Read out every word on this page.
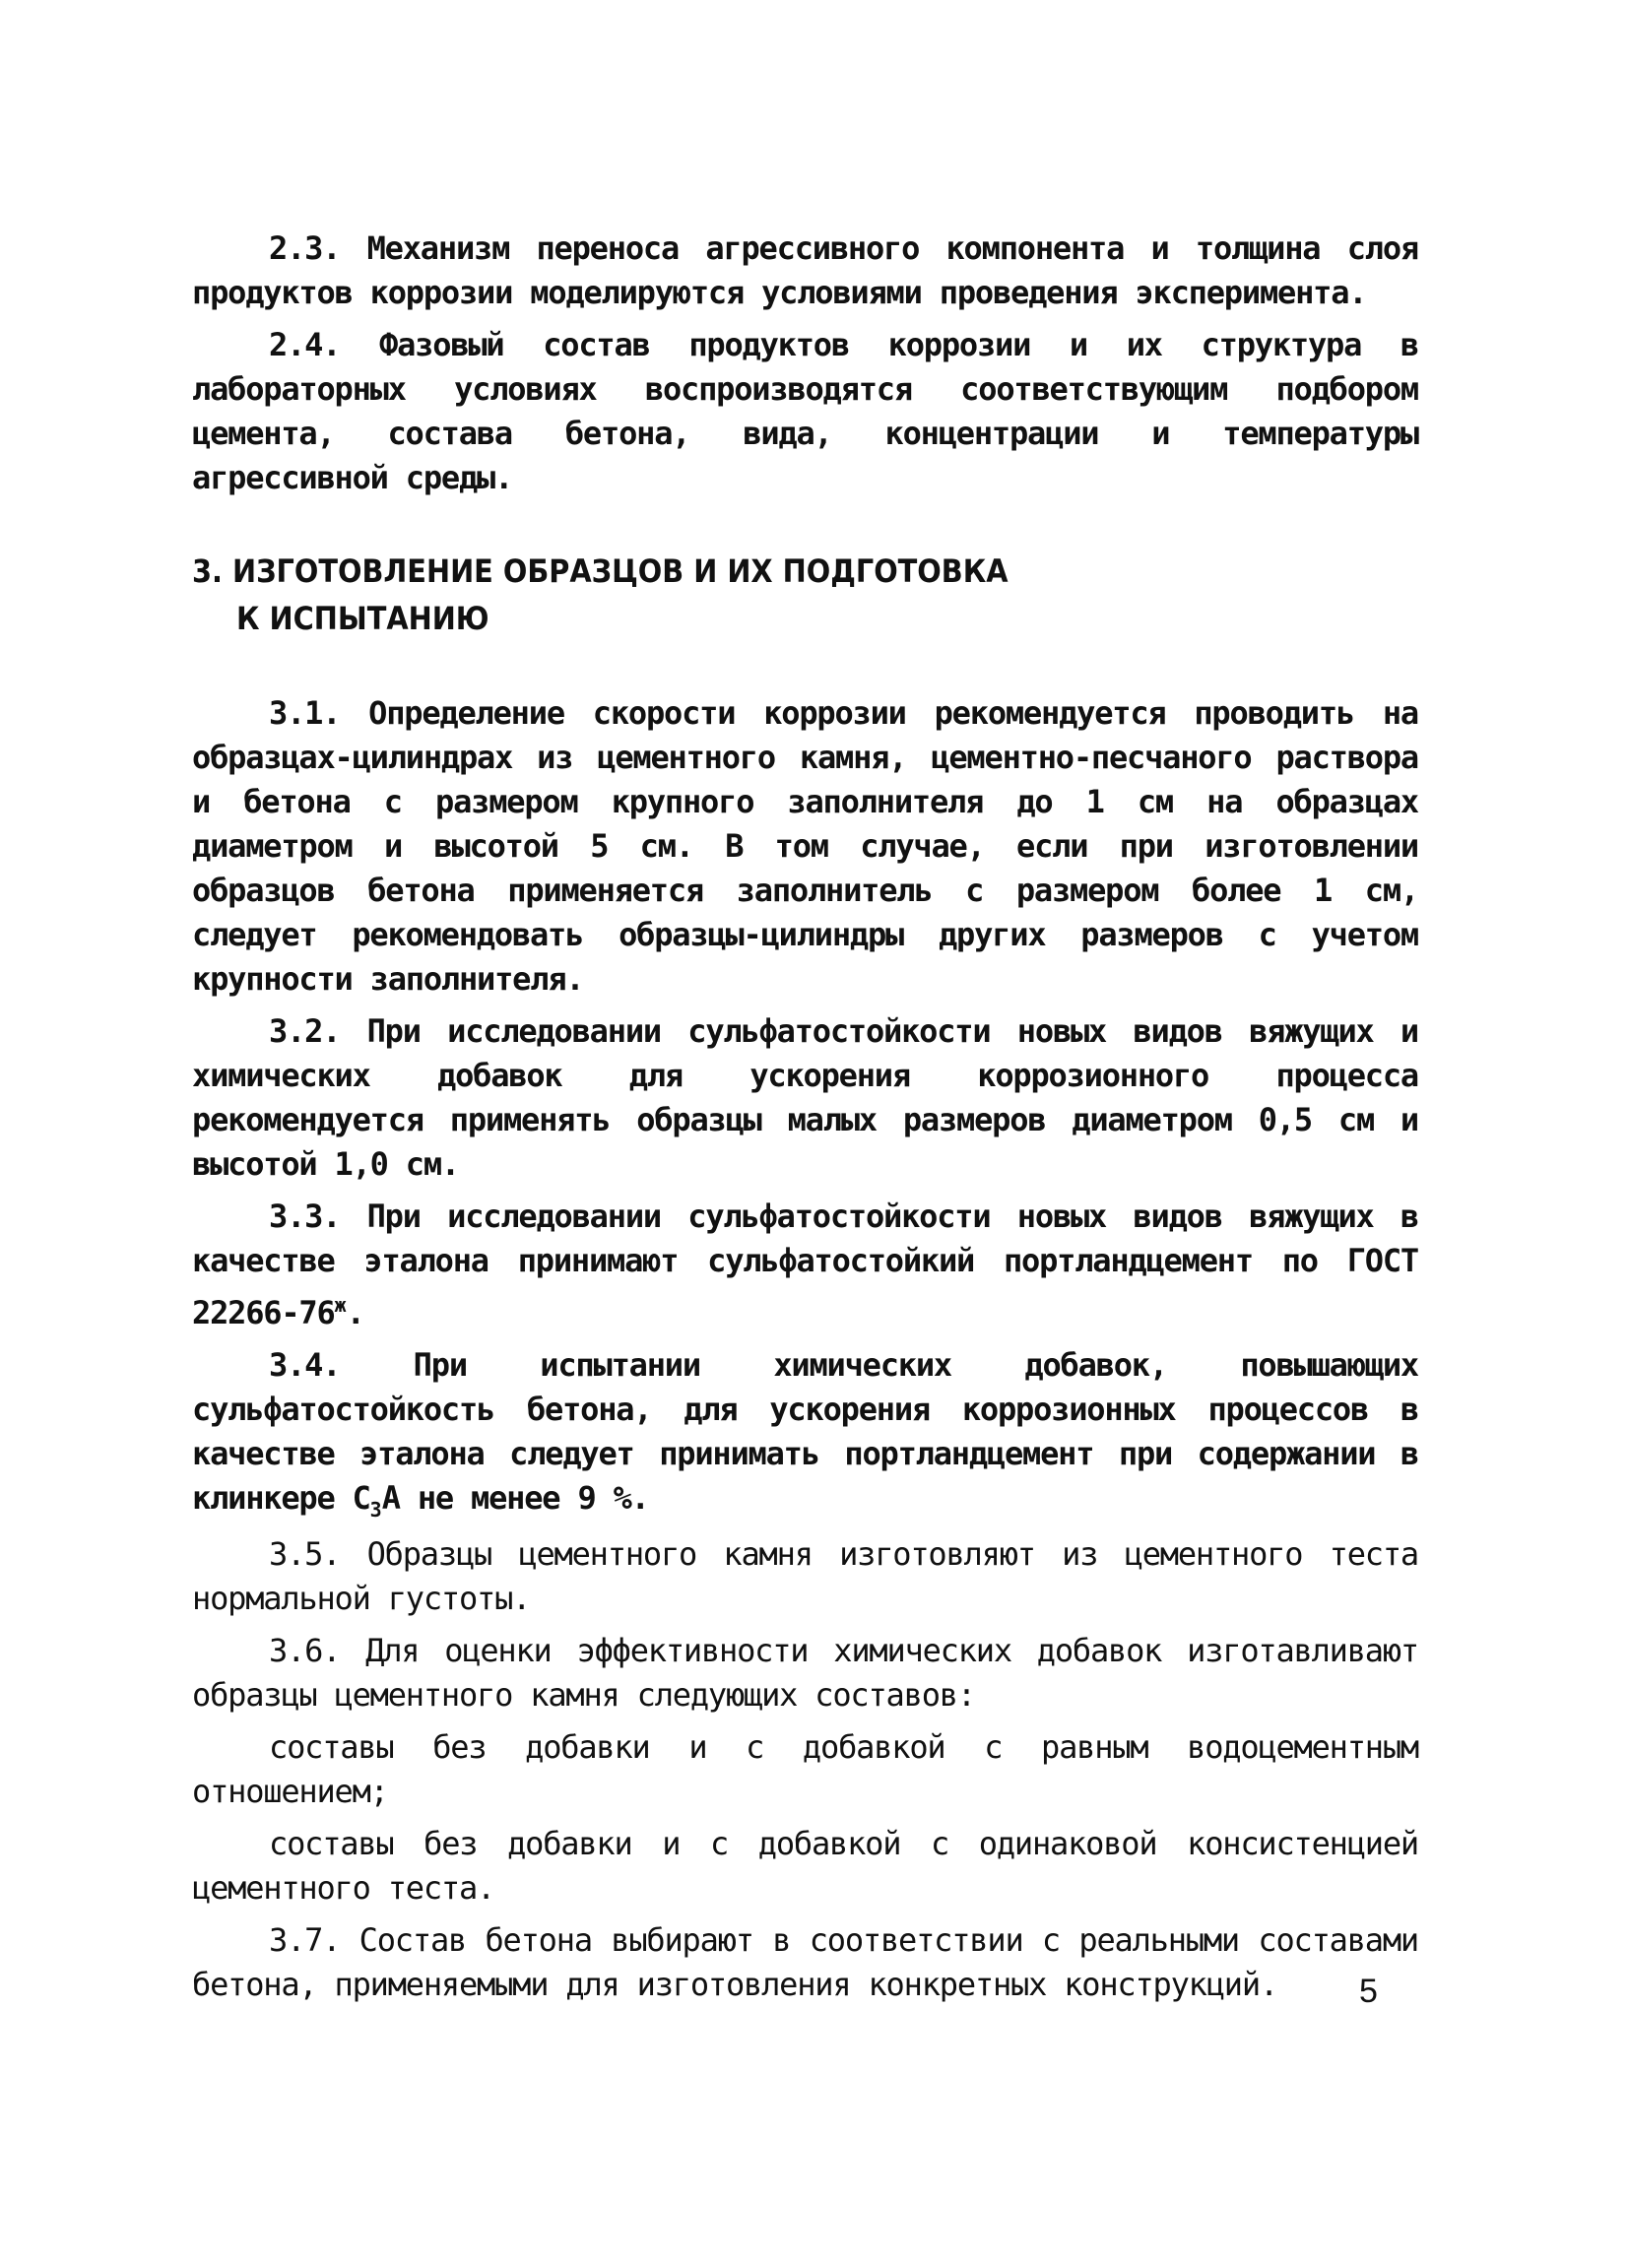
2.3. Механизм переноса агрессивного компонента и толщина слоя продуктов коррозии моделируются условиями проведения эксперимента.

2.4. Фазовый состав продуктов коррозии и их структура в лабораторных условиях воспроизводятся соответствующим подбором цемента, состава бетона, вида, концентрации и температуры агрессивной среды.

3. ИЗГОТОВЛЕНИЕ ОБРАЗЦОВ И ИХ ПОДГОТОВКА
К ИСПЫТАНИЮ

3.1. Определение скорости коррозии рекомендуется проводить на образцах-цилиндрах из цементного камня, цементно-песчаного раствора и бетона с размером крупного заполнителя до 1 см на образцах диаметром и высотой 5 см. В том случае, если при изготовлении образцов бетона применяется заполнитель с размером более 1 см, следует рекомендовать образцы-цилиндры других размеров с учетом крупности заполнителя.

3.2. При исследовании сульфатостойкости новых видов вяжущих и химических добавок для ускорения коррозионного процесса рекомендуется применять образцы малых размеров диаметром 0,5 см и высотой 1,0 см.

3.3. При исследовании сульфатостойкости новых видов вяжущих в качестве эталона принимают сульфатостойкий портландцемент по ГОСТ $22266-76^ж$.

3.4. При испытании химических добавок, повышающих сульфатостойкость бетона, для ускорения коррозионных процессов в качестве эталона следует принимать портландцемент при содержании в клинкере $С_3А$ не менее 9 %.

3.5. Образцы цементного камня изготовляют из цементного теста нормальной густоты.

3.6. Для оценки эффективности химических добавок изготавливают образцы цементного камня следующих составов:

составы без добавки и с добавкой с равным водоцементным отношением;

составы без добавки и с добавкой с одинаковой консистенцией цементного теста.

3.7. Состав бетона выбирают в соответствии с реальными составами бетона, применяемыми для изготовления конкретных конструкций.	5
